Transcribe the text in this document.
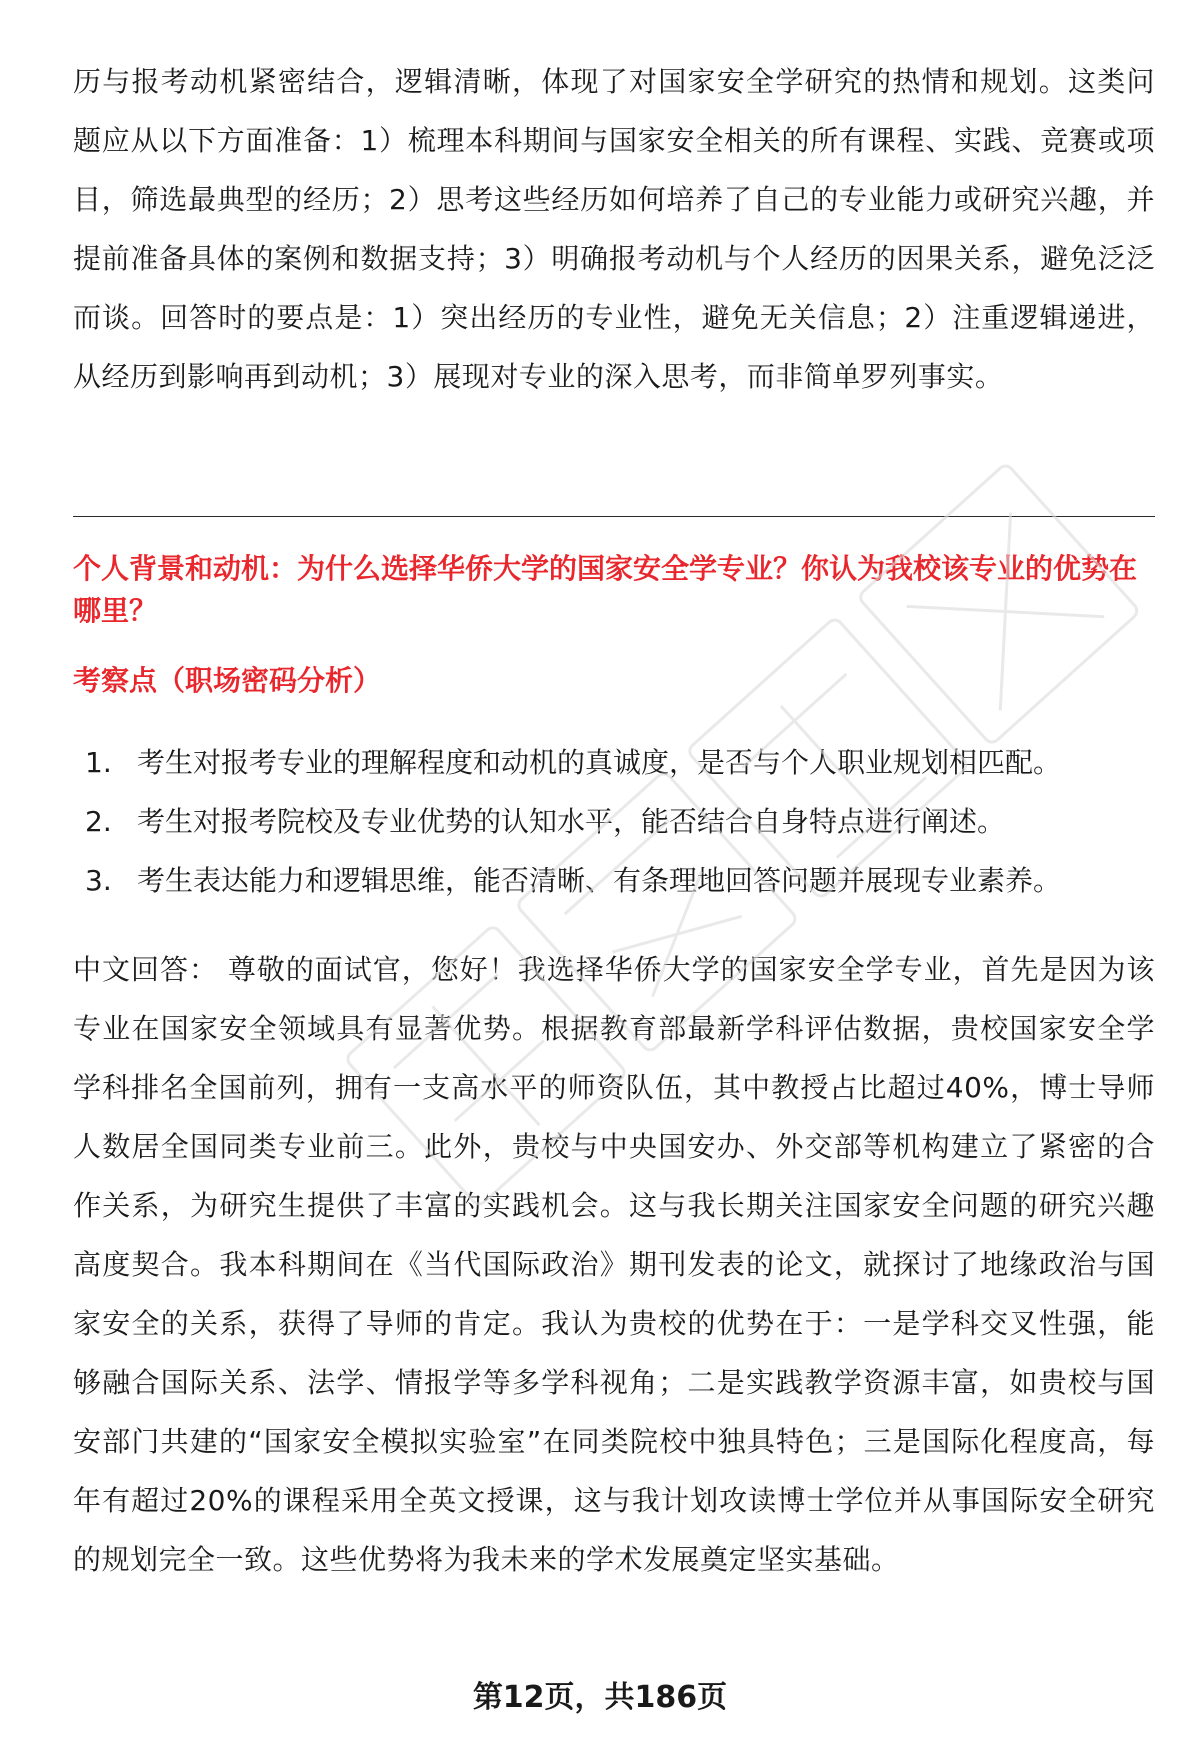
历与报考动机紧密结合，逻辑清晰，体现了对国家安全学研究的热情和规划。这类问题应从以下方面准备：1）梳理本科期间与国家安全相关的所有课程、实践、竞赛或项目，筛选最典型的经历；2）思考这些经历如何培养了自己的专业能力或研究兴趣，并提前准备具体的案例和数据支持；3）明确报考动机与个人经历的因果关系，避免泛泛而谈。回答时的要点是：1）突出经历的专业性，避免无关信息；2）注重逻辑递进，从经历到影响再到动机；3）展现对专业的深入思考，而非简单罗列事实。

个人背景和动机：为什么选择华侨大学的国家安全学专业？你认为我校该专业的优势在哪里？

考察点（职场密码分析）

1. 考生对报考专业的理解程度和动机的真诚度，是否与个人职业规划相匹配。
2. 考生对报考院校及专业优势的认知水平，能否结合自身特点进行阐述。
3. 考生表达能力和逻辑思维，能否清晰、有条理地回答问题并展现专业素养。

中文回答： 尊敬的面试官，您好！我选择华侨大学的国家安全学专业，首先是因为该专业在国家安全领域具有显著优势。根据教育部最新学科评估数据，贵校国家安全学学科排名全国前列，拥有一支高水平的师资队伍，其中教授占比超过40%，博士导师人数居全国同类专业前三。此外，贵校与中央国安办、外交部等机构建立了紧密的合作关系，为研究生提供了丰富的实践机会。这与我长期关注国家安全问题的研究兴趣高度契合。我本科期间在《当代国际政治》期刊发表的论文，就探讨了地缘政治与国家安全的关系，获得了导师的肯定。我认为贵校的优势在于：一是学科交叉性强，能够融合国际关系、法学、情报学等多学科视角；二是实践教学资源丰富，如贵校与国安部门共建的“国家安全模拟实验室”在同类院校中独具特色；三是国际化程度高，每年有超过20%的课程采用全英文授课，这与我计划攻读博士学位并从事国际安全研究的规划完全一致。这些优势将为我未来的学术发展奠定坚实基础。

第12页，共186页
